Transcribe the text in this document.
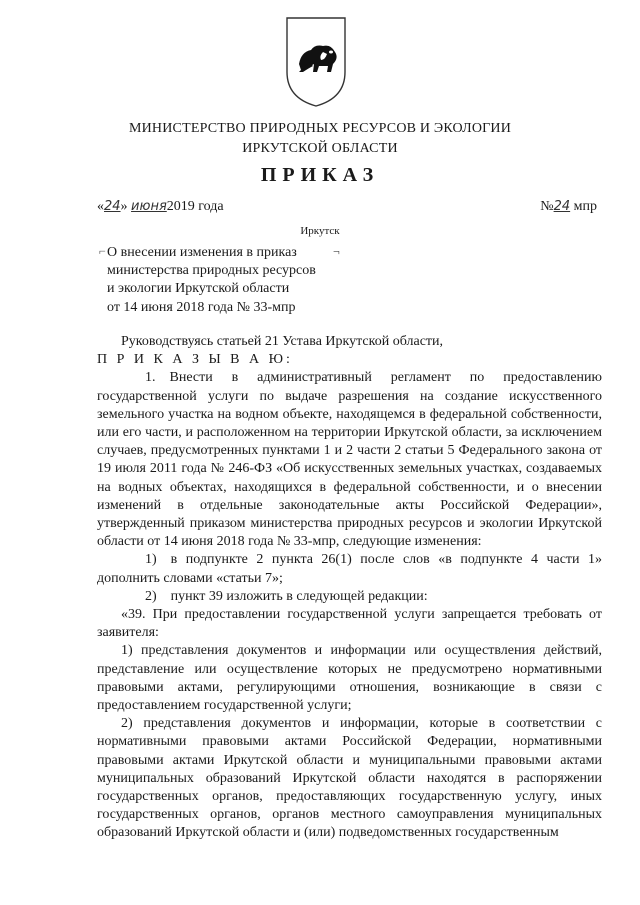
МИНИСТЕРСТВО ПРИРОДНЫХ РЕСУРСОВ И ЭКОЛОГИИ
ИРКУТСКОЙ ОБЛАСТИ
ПРИКАЗ
«24» июня2019 года	№24 мпр
Иркутск
⌐	¬
О внесении изменения в приказ
министерства природных ресурсов
и экологии Иркутской области
от 14 июня 2018 года № 33-мпр

Руководствуясь статьей 21 Устава Иркутской области,

П Р И К А З Ы В А Ю:

1. Внести в административный регламент по предоставлению государственной услуги по выдаче разрешения на создание искусственного земельного участка на водном объекте, находящемся в федеральной собственности, или его части, и расположенном на территории Иркутской области, за исключением случаев, предусмотренных пунктами 1 и 2 части 2 статьи 5 Федерального закона от 19 июля 2011 года № 246-ФЗ «Об искусственных земельных участках, создаваемых на водных объектах, находящихся в федеральной собственности, и о внесении изменений в отдельные законодательные акты Российской Федерации», утвержденный приказом министерства природных ресурсов и экологии Иркутской области от 14 июня 2018 года № 33-мпр, следующие изменения:

1) в подпункте 2 пункта 26(1) после слов «в подпункте 4 части 1» дополнить словами «статьи 7»;

2) пункт 39 изложить в следующей редакции:

«39. При предоставлении государственной услуги запрещается требовать от заявителя:

1) представления документов и информации или осуществления действий, представление или осуществление которых не предусмотрено нормативными правовыми актами, регулирующими отношения, возникающие в связи с предоставлением государственной услуги;

2) представления документов и информации, которые в соответствии с нормативными правовыми актами Российской Федерации, нормативными правовыми актами Иркутской области и муниципальными правовыми актами муниципальных образований Иркутской области находятся в распоряжении государственных органов, предоставляющих государственную услугу, иных государственных органов, органов местного самоуправления муниципальных образований Иркутской области и (или) подведомственных государственным
